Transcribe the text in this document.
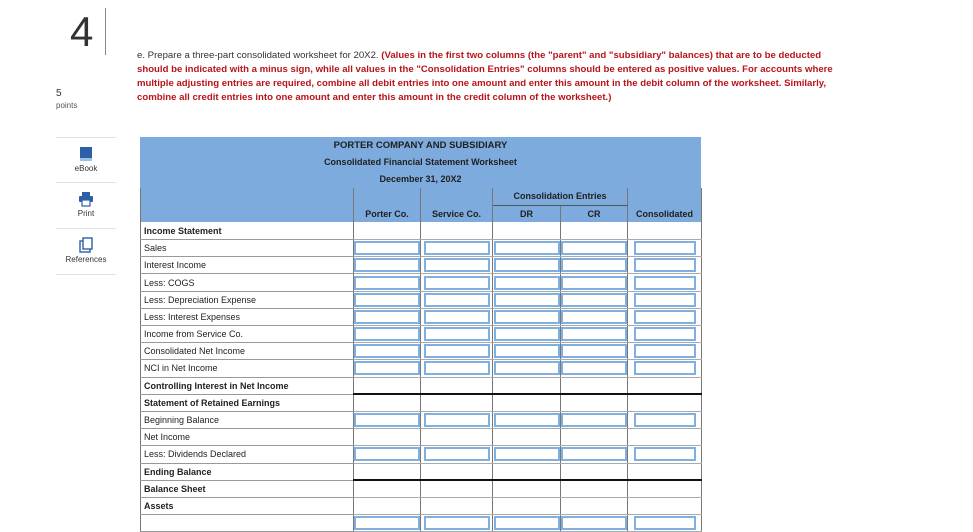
4
5
points
eBook
Print
References
e. Prepare a three-part consolidated worksheet for 20X2. (Values in the first two columns (the "parent" and "subsidiary" balances) that are to be deducted should be indicated with a minus sign, while all values in the "Consolidation Entries" columns should be entered as positive values. For accounts where multiple adjusting entries are required, combine all debit entries into one amount and enter this amount in the debit column of the worksheet. Similarly, combine all credit entries into one amount and enter this amount in the credit column of the worksheet.)
PORTER COMPANY AND SUBSIDIARY
Consolidated Financial Statement Worksheet
December 31, 20X2
			Consolidation Entries		
	Porter Co.	Service Co.	DR	CR	Consolidated
Income Statement					
Sales	

Interest Income	

Less: COGS	

Less: Depreciation Expense	

Less: Interest Expenses	

Income from Service Co.	

Consolidated Net Income	

NCI in Net Income	

Controlling Interest in Net Income					
Statement of Retained Earnings					
Beginning Balance	

Net Income					
Less: Dividends Declared	

Ending Balance					
Balance Sheet					
Assets					
